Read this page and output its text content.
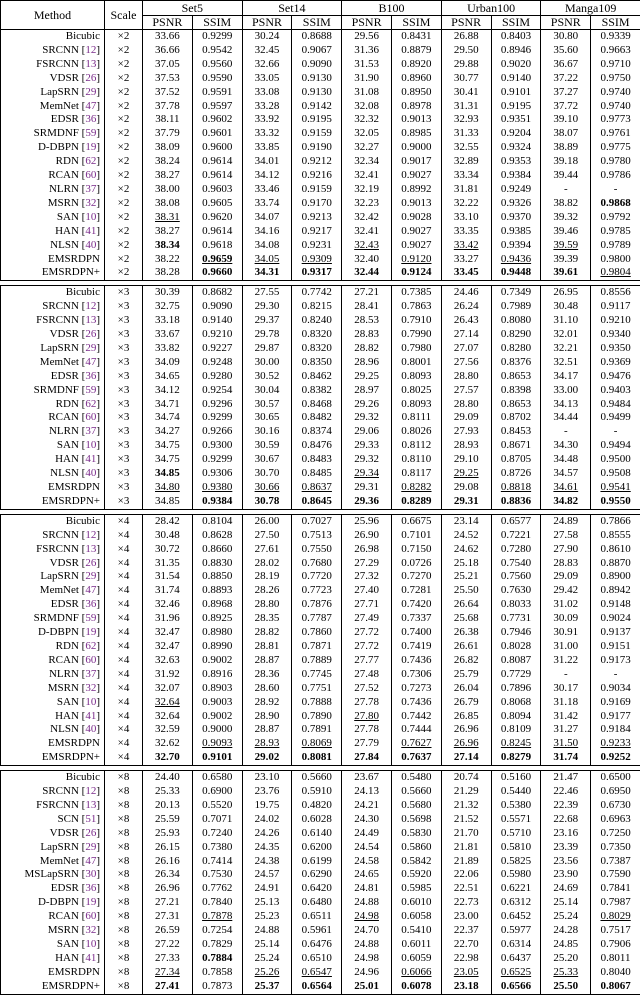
Method	Scale	Set5		Set14		B100		Urban100		Manga109	
		PSNR	SSIM	PSNR	SSIM	PSNR	SSIM	PSNR	SSIM	PSNR	SSIM
Bicubic	×2	33.66	0.9299	30.24	0.8688	29.56	0.8431	26.88	0.8403	30.80	0.9339
SRCNN [12]	×2	36.66	0.9542	32.45	0.9067	31.36	0.8879	29.50	0.8946	35.60	0.9663
FSRCNN [13]	×2	37.05	0.9560	32.66	0.9090	31.53	0.8920	29.88	0.9020	36.67	0.9710
VDSR [26]	×2	37.53	0.9590	33.05	0.9130	31.90	0.8960	30.77	0.9140	37.22	0.9750
LapSRN [29]	×2	37.52	0.9591	33.08	0.9130	31.08	0.8950	30.41	0.9101	37.27	0.9740
MemNet [47]	×2	37.78	0.9597	33.28	0.9142	32.08	0.8978	31.31	0.9195	37.72	0.9740
EDSR [36]	×2	38.11	0.9602	33.92	0.9195	32.32	0.9013	32.93	0.9351	39.10	0.9773
SRMDNF [59]	×2	37.79	0.9601	33.32	0.9159	32.05	0.8985	31.33	0.9204	38.07	0.9761
D-DBPN [19]	×2	38.09	0.9600	33.85	0.9190	32.27	0.9000	32.55	0.9324	38.89	0.9775
RDN [62]	×2	38.24	0.9614	34.01	0.9212	32.34	0.9017	32.89	0.9353	39.18	0.9780
RCAN [60]	×2	38.27	0.9614	34.12	0.9216	32.41	0.9027	33.34	0.9384	39.44	0.9786
NLRN [37]	×2	38.00	0.9603	33.46	0.9159	32.19	0.8992	31.81	0.9249	-	-
MSRN [32]	×2	38.08	0.9605	33.74	0.9170	32.23	0.9013	32.22	0.9326	38.82	0.9868
SAN [10]	×2	38.31	0.9620	34.07	0.9213	32.42	0.9028	33.10	0.9370	39.32	0.9792
HAN [41]	×2	38.27	0.9614	34.16	0.9217	32.41	0.9027	33.35	0.9385	39.46	0.9785
NLSN [40]	×2	38.34	0.9618	34.08	0.9231	32.43	0.9027	33.42	0.9394	39.59	0.9789
EMSRDPN	×2	38.22	0.9659	34.05	0.9309	32.40	0.9120	33.27	0.9436	39.39	0.9800
EMSRDPN+	×2	38.28	0.9660	34.31	0.9317	32.44	0.9124	33.45	0.9448	39.61	0.9804

Bicubic	×3	30.39	0.8682	27.55	0.7742	27.21	0.7385	24.46	0.7349	26.95	0.8556
SRCNN [12]	×3	32.75	0.9090	29.30	0.8215	28.41	0.7863	26.24	0.7989	30.48	0.9117
FSRCNN [13]	×3	33.18	0.9140	29.37	0.8240	28.53	0.7910	26.43	0.8080	31.10	0.9210
VDSR [26]	×3	33.67	0.9210	29.78	0.8320	28.83	0.7990	27.14	0.8290	32.01	0.9340
LapSRN [29]	×3	33.82	0.9227	29.87	0.8320	28.82	0.7980	27.07	0.8280	32.21	0.9350
MemNet [47]	×3	34.09	0.9248	30.00	0.8350	28.96	0.8001	27.56	0.8376	32.51	0.9369
EDSR [36]	×3	34.65	0.9280	30.52	0.8462	29.25	0.8093	28.80	0.8653	34.17	0.9476
SRMDNF [59]	×3	34.12	0.9254	30.04	0.8382	28.97	0.8025	27.57	0.8398	33.00	0.9403
RDN [62]	×3	34.71	0.9296	30.57	0.8468	29.26	0.8093	28.80	0.8653	34.13	0.9484
RCAN [60]	×3	34.74	0.9299	30.65	0.8482	29.32	0.8111	29.09	0.8702	34.44	0.9499
NLRN [37]	×3	34.27	0.9266	30.16	0.8374	29.06	0.8026	27.93	0.8453	-	-
SAN [10]	×3	34.75	0.9300	30.59	0.8476	29.33	0.8112	28.93	0.8671	34.30	0.9494
HAN [41]	×3	34.75	0.9299	30.67	0.8483	29.32	0.8110	29.10	0.8705	34.48	0.9500
NLSN [40]	×3	34.85	0.9306	30.70	0.8485	29.34	0.8117	29.25	0.8726	34.57	0.9508
EMSRDPN	×3	34.80	0.9380	30.66	0.8637	29.31	0.8282	29.08	0.8818	34.61	0.9541
EMSRDPN+	×3	34.85	0.9384	30.78	0.8645	29.36	0.8289	29.31	0.8836	34.82	0.9550

Bicubic	×4	28.42	0.8104	26.00	0.7027	25.96	0.6675	23.14	0.6577	24.89	0.7866
SRCNN [12]	×4	30.48	0.8628	27.50	0.7513	26.90	0.7101	24.52	0.7221	27.58	0.8555
FSRCNN [13]	×4	30.72	0.8660	27.61	0.7550	26.98	0.7150	24.62	0.7280	27.90	0.8610
VDSR [26]	×4	31.35	0.8830	28.02	0.7680	27.29	0.0726	25.18	0.7540	28.83	0.8870
LapSRN [29]	×4	31.54	0.8850	28.19	0.7720	27.32	0.7270	25.21	0.7560	29.09	0.8900
MemNet [47]	×4	31.74	0.8893	28.26	0.7723	27.40	0.7281	25.50	0.7630	29.42	0.8942
EDSR [36]	×4	32.46	0.8968	28.80	0.7876	27.71	0.7420	26.64	0.8033	31.02	0.9148
SRMDNF [59]	×4	31.96	0.8925	28.35	0.7787	27.49	0.7337	25.68	0.7731	30.09	0.9024
D-DBPN [19]	×4	32.47	0.8980	28.82	0.7860	27.72	0.7400	26.38	0.7946	30.91	0.9137
RDN [62]	×4	32.47	0.8990	28.81	0.7871	27.72	0.7419	26.61	0.8028	31.00	0.9151
RCAN [60]	×4	32.63	0.9002	28.87	0.7889	27.77	0.7436	26.82	0.8087	31.22	0.9173
NLRN [37]	×4	31.92	0.8916	28.36	0.7745	27.48	0.7306	25.79	0.7729	-	-
MSRN [32]	×4	32.07	0.8903	28.60	0.7751	27.52	0.7273	26.04	0.7896	30.17	0.9034
SAN [10]	×4	32.64	0.9003	28.92	0.7888	27.78	0.7436	26.79	0.8068	31.18	0.9169
HAN [41]	×4	32.64	0.9002	28.90	0.7890	27.80	0.7442	26.85	0.8094	31.42	0.9177
NLSN [40]	×4	32.59	0.9000	28.87	0.7891	27.78	0.7444	26.96	0.8109	31.27	0.9184
EMSRDPN	×4	32.62	0.9093	28.93	0.8069	27.79	0.7627	26.96	0.8245	31.50	0.9233
EMSRDPN+	×4	32.70	0.9101	29.02	0.8081	27.84	0.7637	27.14	0.8279	31.74	0.9252

Bicubic	×8	24.40	0.6580	23.10	0.5660	23.67	0.5480	20.74	0.5160	21.47	0.6500
SRCNN [12]	×8	25.33	0.6900	23.76	0.5910	24.13	0.5660	21.29	0.5440	22.46	0.6950
FSRCNN [13]	×8	20.13	0.5520	19.75	0.4820	24.21	0.5680	21.32	0.5380	22.39	0.6730
SCN [51]	×8	25.59	0.7071	24.02	0.6028	24.30	0.5698	21.52	0.5571	22.68	0.6963
VDSR [26]	×8	25.93	0.7240	24.26	0.6140	24.49	0.5830	21.70	0.5710	23.16	0.7250
LapSRN [29]	×8	26.15	0.7380	24.35	0.6200	24.54	0.5860	21.81	0.5810	23.39	0.7350
MemNet [47]	×8	26.16	0.7414	24.38	0.6199	24.58	0.5842	21.89	0.5825	23.56	0.7387
MSLapSRN [30]	×8	26.34	0.7530	24.57	0.6290	24.65	0.5920	22.06	0.5980	23.90	0.7590
EDSR [36]	×8	26.96	0.7762	24.91	0.6420	24.81	0.5985	22.51	0.6221	24.69	0.7841
D-DBPN [19]	×8	27.21	0.7840	25.13	0.6480	24.88	0.6010	22.73	0.6312	25.14	0.7987
RCAN [60]	×8	27.31	0.7878	25.23	0.6511	24.98	0.6058	23.00	0.6452	25.24	0.8029
MSRN [32]	×8	26.59	0.7254	24.88	0.5961	24.70	0.5410	22.37	0.5977	24.28	0.7517
SAN [10]	×8	27.22	0.7829	25.14	0.6476	24.88	0.6011	22.70	0.6314	24.85	0.7906
HAN [41]	×8	27.33	0.7884	25.24	0.6510	24.98	0.6059	22.98	0.6437	25.20	0.8011
EMSRDPN	×8	27.34	0.7858	25.26	0.6547	24.96	0.6066	23.05	0.6525	25.33	0.8040
EMSRDPN+	×8	27.41	0.7873	25.37	0.6564	25.01	0.6078	23.18	0.6566	25.50	0.8067
